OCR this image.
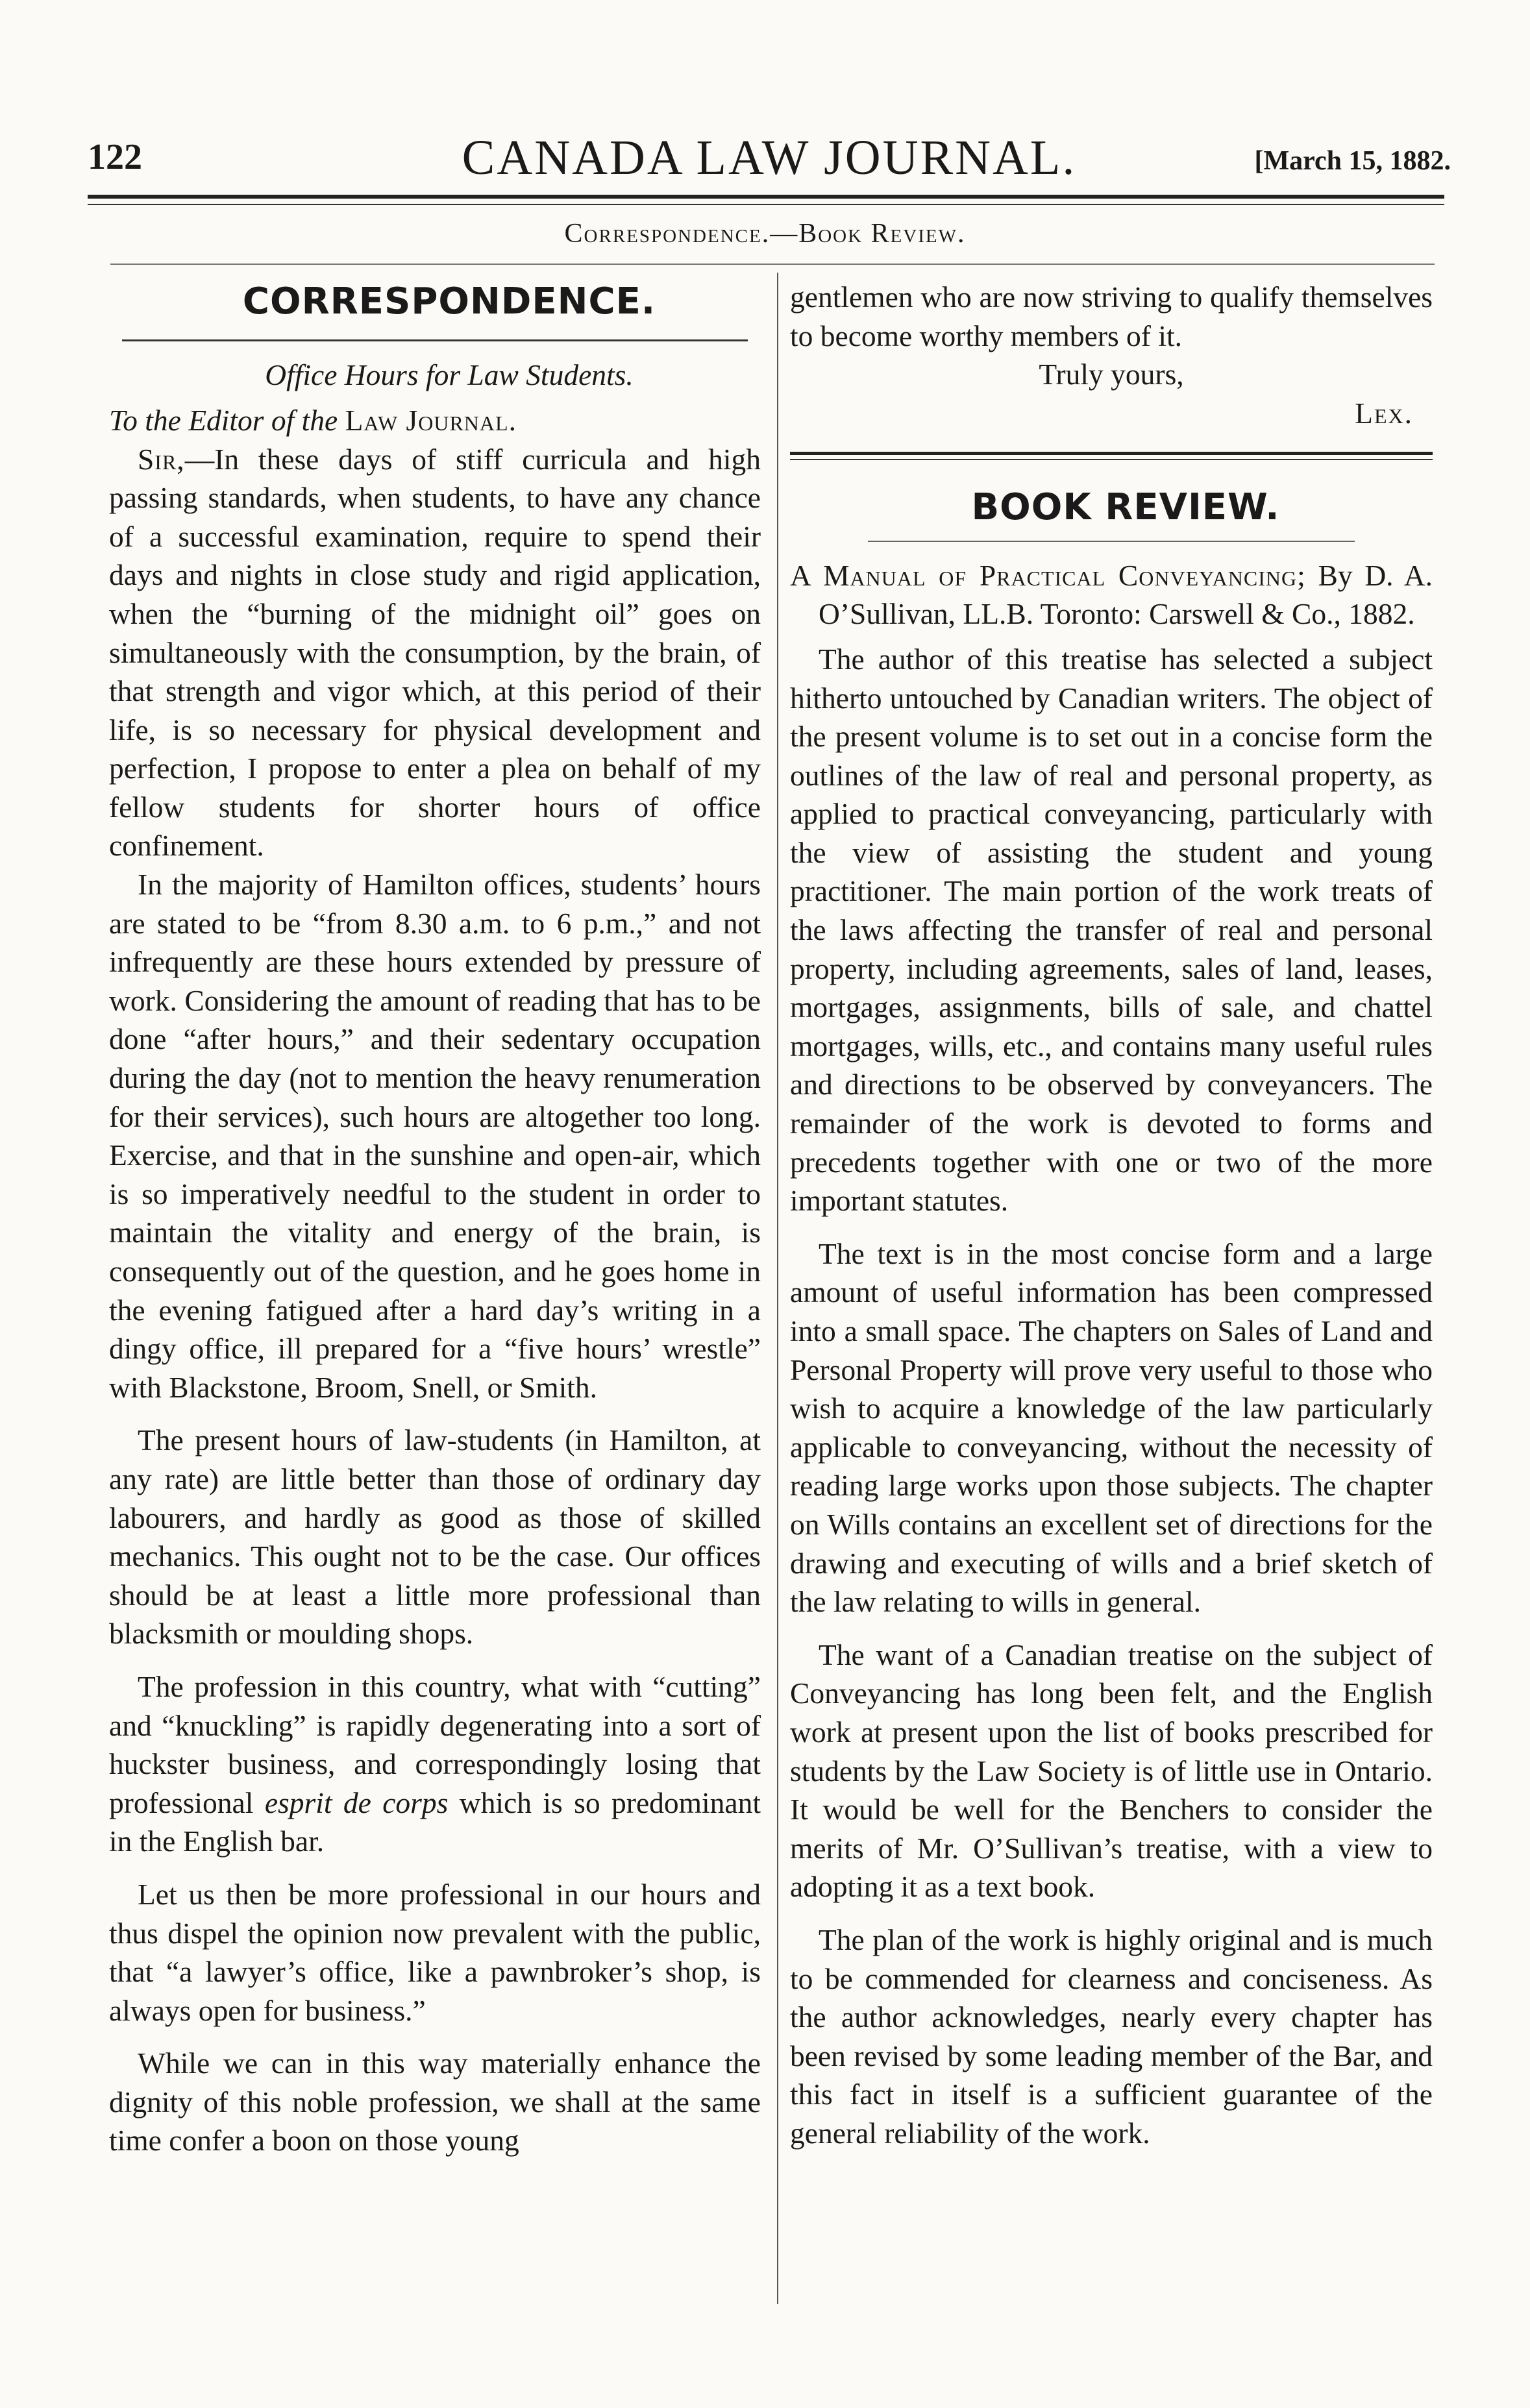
122	CANADA LAW JOURNAL.	[March 15, 1882.
Correspondence.—Book Review.

CORRESPONDENCE.

Office Hours for Law Students.

To the Editor of the Law Journal.

Sir,—In these days of stiff curricula and high passing standards, when students, to have any chance of a successful examination, require to spend their days and nights in close study and rigid application, when the “burning of the midnight oil” goes on simultaneously with the consumption, by the brain, of that strength and vigor which, at this period of their life, is so necessary for physical development and perfection, I propose to enter a plea on behalf of my fellow students for shorter hours of office confinement.

In the majority of Hamilton offices, students’ hours are stated to be “from 8.30 a.m. to 6 p.m.,” and not infrequently are these hours extended by pressure of work. Considering the amount of reading that has to be done “after hours,” and their sedentary occupation during the day (not to mention the heavy renumeration for their services), such hours are altogether too long. Exercise, and that in the sunshine and open-air, which is so imperatively needful to the student in order to maintain the vitality and energy of the brain, is consequently out of the question, and he goes home in the evening fatigued after a hard day’s writing in a dingy office, ill prepared for a “five hours’ wrestle” with Blackstone, Broom, Snell, or Smith.

The present hours of law-students (in Hamilton, at any rate) are little better than those of ordinary day labourers, and hardly as good as those of skilled mechanics. This ought not to be the case. Our offices should be at least a little more professional than blacksmith or moulding shops.

The profession in this country, what with “cutting” and “knuckling” is rapidly degenerating into a sort of huckster business, and correspondingly losing that professional esprit de corps which is so predominant in the English bar.

Let us then be more professional in our hours and thus dispel the opinion now prevalent with the public, that “a lawyer’s office, like a pawnbroker’s shop, is always open for business.”

While we can in this way materially enhance the dignity of this noble profession, we shall at the same time confer a boon on those young

gentlemen who are now striving to qualify themselves to become worthy members of it.

Truly yours,

Lex.

BOOK REVIEW.

A Manual of Practical Conveyancing; By D. A. O’Sullivan, LL.B. Toronto: Carswell & Co., 1882.

The author of this treatise has selected a subject hitherto untouched by Canadian writers. The object of the present volume is to set out in a concise form the outlines of the law of real and personal property, as applied to practical conveyancing, particularly with the view of assisting the student and young practitioner. The main portion of the work treats of the laws affecting the transfer of real and personal property, including agreements, sales of land, leases, mortgages, assignments, bills of sale, and chattel mortgages, wills, etc., and contains many useful rules and directions to be observed by conveyancers. The remainder of the work is devoted to forms and precedents together with one or two of the more important statutes.

The text is in the most concise form and a large amount of useful information has been compressed into a small space. The chapters on Sales of Land and Personal Property will prove very useful to those who wish to acquire a knowledge of the law particularly applicable to conveyancing, without the necessity of reading large works upon those subjects. The chapter on Wills contains an excellent set of directions for the drawing and executing of wills and a brief sketch of the law relating to wills in general.

The want of a Canadian treatise on the subject of Conveyancing has long been felt, and the English work at present upon the list of books prescribed for students by the Law Society is of little use in Ontario. It would be well for the Benchers to consider the merits of Mr. O’Sullivan’s treatise, with a view to adopting it as a text book.

The plan of the work is highly original and is much to be commended for clearness and conciseness. As the author acknowledges, nearly every chapter has been revised by some leading member of the Bar, and this fact in itself is a sufficient guarantee of the general reliability of the work.
